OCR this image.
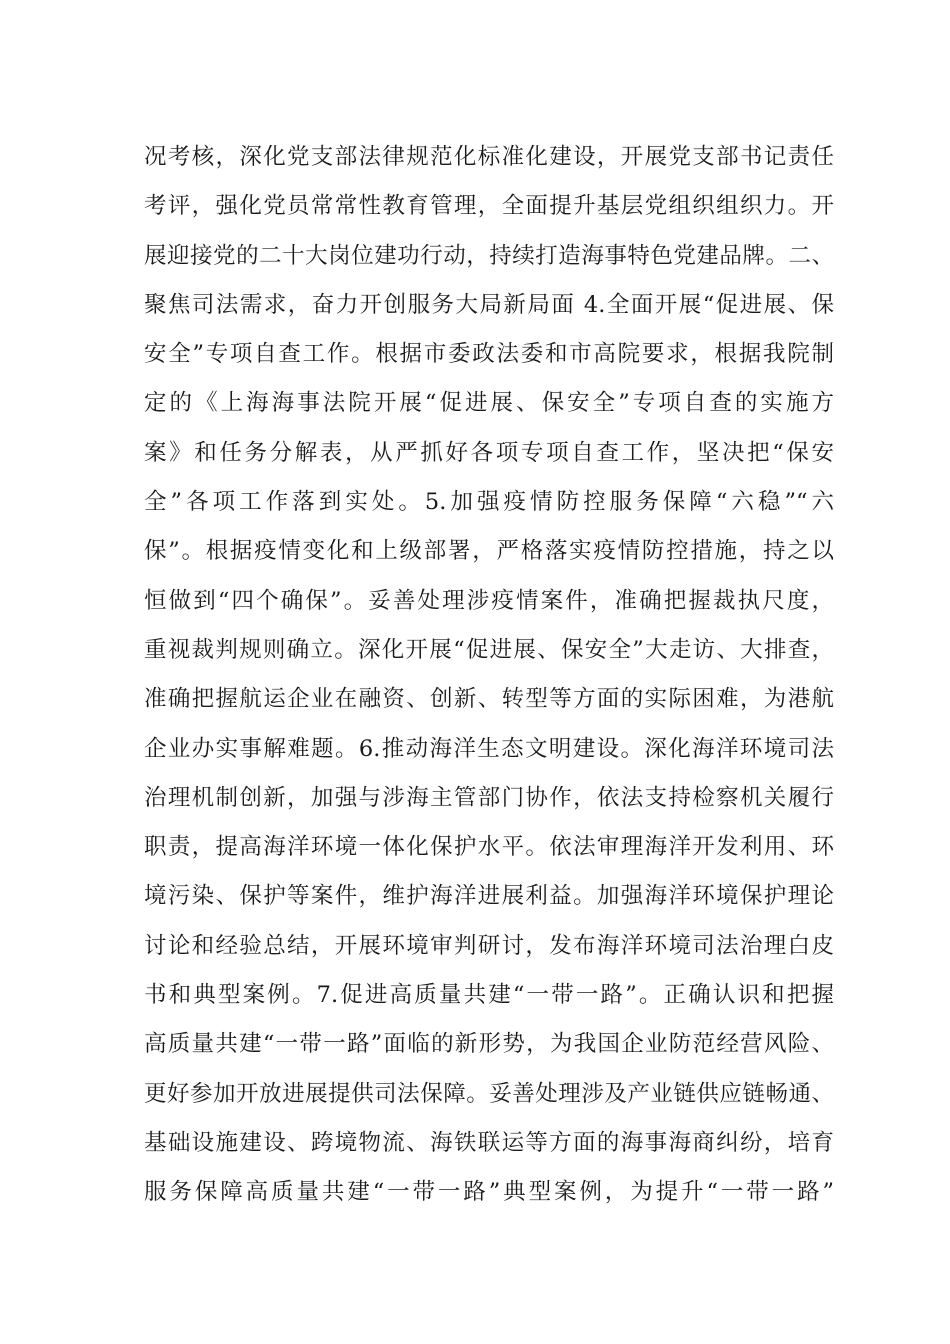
况考核，深化党支部法律规范化标准化建设，开展党支部书记责任
考评，强化党员常常性教育管理，全面提升基层党组织组织力。开
展迎接党的二十大岗位建功行动，持续打造海事特色党建品牌。二、
聚焦司法需求，奋力开创服务大局新局面 4.全面开展“促进展、保
安全”专项自查工作。根据市委政法委和市高院要求，根据我院制
定的《上海海事法院开展“促进展、保安全”专项自查的实施方
案》和任务分解表，从严抓好各项专项自查工作，坚决把“保安
全”各项工作落到实处。5.加强疫情防控服务保障“六稳”“六
保”。根据疫情变化和上级部署，严格落实疫情防控措施，持之以
恒做到“四个确保”。妥善处理涉疫情案件，准确把握裁执尺度，
重视裁判规则确立。深化开展“促进展、保安全”大走访、大排查，
准确把握航运企业在融资、创新、转型等方面的实际困难，为港航
企业办实事解难题。6.推动海洋生态文明建设。深化海洋环境司法
治理机制创新，加强与涉海主管部门协作，依法支持检察机关履行
职责，提高海洋环境一体化保护水平。依法审理海洋开发利用、环
境污染、保护等案件，维护海洋进展利益。加强海洋环境保护理论
讨论和经验总结，开展环境审判研讨，发布海洋环境司法治理白皮
书和典型案例。7.促进高质量共建“一带一路”。正确认识和把握
高质量共建“一带一路”面临的新形势，为我国企业防范经营风险、
更好参加开放进展提供司法保障。妥善处理涉及产业链供应链畅通、
基础设施建设、跨境物流、海铁联运等方面的海事海商纠纷，培育
服务保障高质量共建“一带一路”典型案例，为提升“一带一路”
